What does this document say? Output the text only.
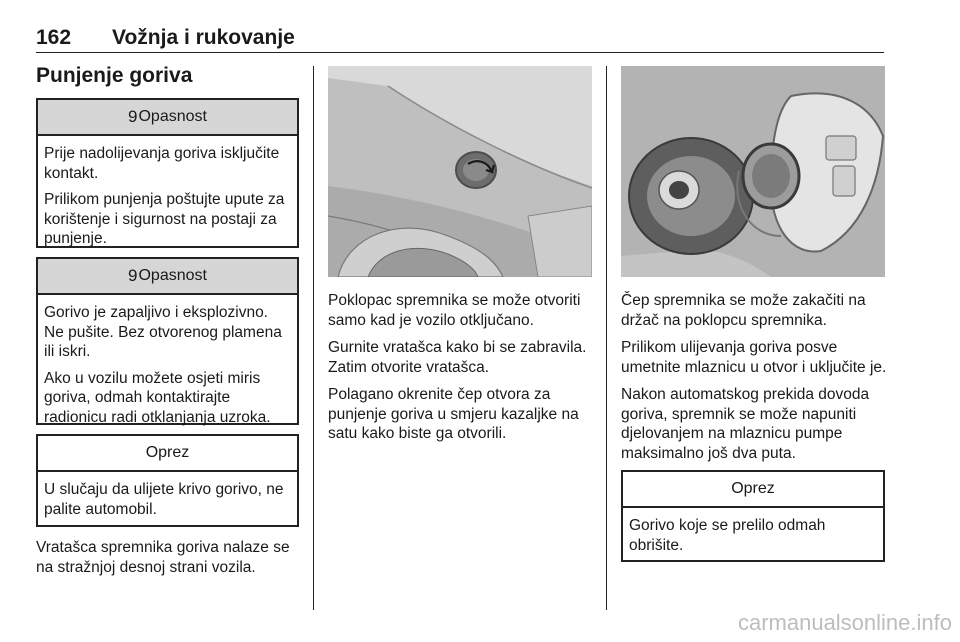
162 Vožnja i rukovanje
Punjenje goriva
9 Opasnost

Prije nadolijevanja goriva isključite kontakt.

Prilikom punjenja poštujte upute za korištenje i sigurnost na postaji za punjenje.

9 Opasnost

Gorivo je zapaljivo i eksplozivno. Ne pušite. Bez otvorenog plamena ili iskri.

Ako u vozilu možete osjeti miris goriva, odmah kontaktirajte radionicu radi otklanjanja uzroka.

Oprez

U slučaju da ulijete krivo gorivo, ne palite automobil.

Vratašca spremnika goriva nalaze se na stražnjoj desnoj strani vozila.

Poklopac spremnika se može otvoriti samo kad je vozilo otključano.

Gurnite vratašca kako bi se zabravila. Zatim otvorite vratašca.

Polagano okrenite čep otvora za punjenje goriva u smjeru kazaljke na satu kako biste ga otvorili.

Čep spremnika se može zakačiti na držač na poklopcu spremnika.

Prilikom ulijevanja goriva posve umetnite mlaznicu u otvor i uključite je.

Nakon automatskog prekida dovoda goriva, spremnik se može napuniti djelovanjem na mlaznicu pumpe maksimalno još dva puta.

Oprez

Gorivo koje se prelilo odmah obrišite.

carmanualsonline.info
